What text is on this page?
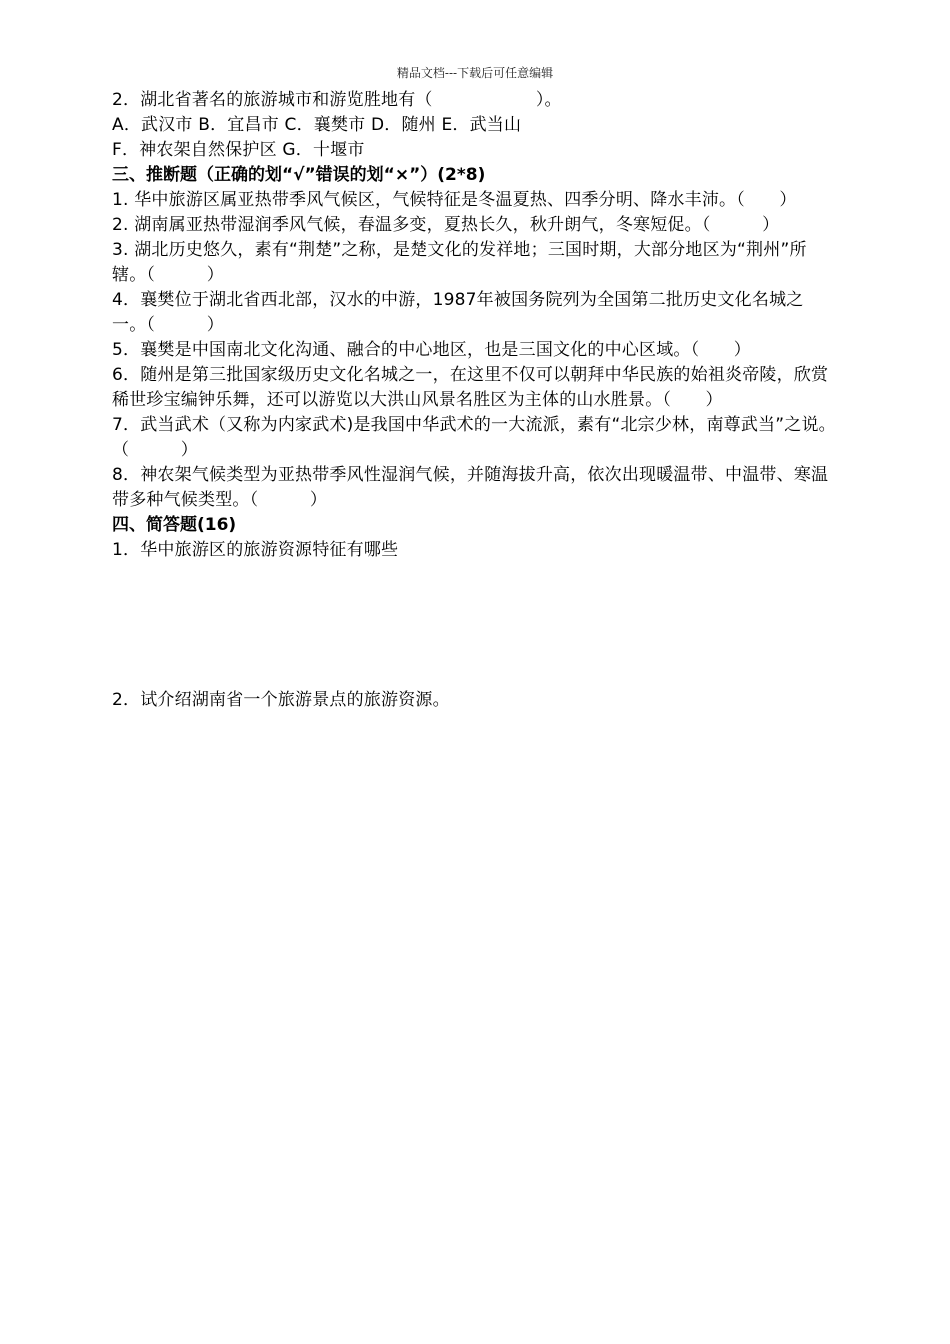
精品文档---下载后可任意编辑
2．湖北省著名的旅游城市和游览胜地有（　　　　　　）。
A．武汉市 B．宜昌市 C．襄樊市 D．随州 E．武当山
F．神农架自然保护区 G．十堰市
三、推断题（正确的划“√”错误的划“×”）(2*8)
1. 华中旅游区属亚热带季风气候区，气候特征是冬温夏热、四季分明、降水丰沛。（　　）
2. 湖南属亚热带湿润季风气候，春温多变，夏热长久，秋升朗气，冬寒短促。（　　　）
3. 湖北历史悠久，素有“荆楚”之称，是楚文化的发祥地；三国时期，大部分地区为“荆州”所辖。（　　　）
4．襄樊位于湖北省西北部，汉水的中游，1987年被国务院列为全国第二批历史文化名城之一。（　　　）
5．襄樊是中国南北文化沟通、融合的中心地区，也是三国文化的中心区域。（　　）
6．随州是第三批国家级历史文化名城之一，在这里不仅可以朝拜中华民族的始祖炎帝陵，欣赏稀世珍宝编钟乐舞，还可以游览以大洪山风景名胜区为主体的山水胜景。（　　）
7．武当武术（又称为内家武术)是我国中华武术的一大流派，素有“北宗少林，南尊武当”之说。（　　　）
8．神农架气候类型为亚热带季风性湿润气候，并随海拔升高，依次出现暖温带、中温带、寒温带多种气候类型。（　　　）
四、简答题(16)
1．华中旅游区的旅游资源特征有哪些
2．试介绍湖南省一个旅游景点的旅游资源。
